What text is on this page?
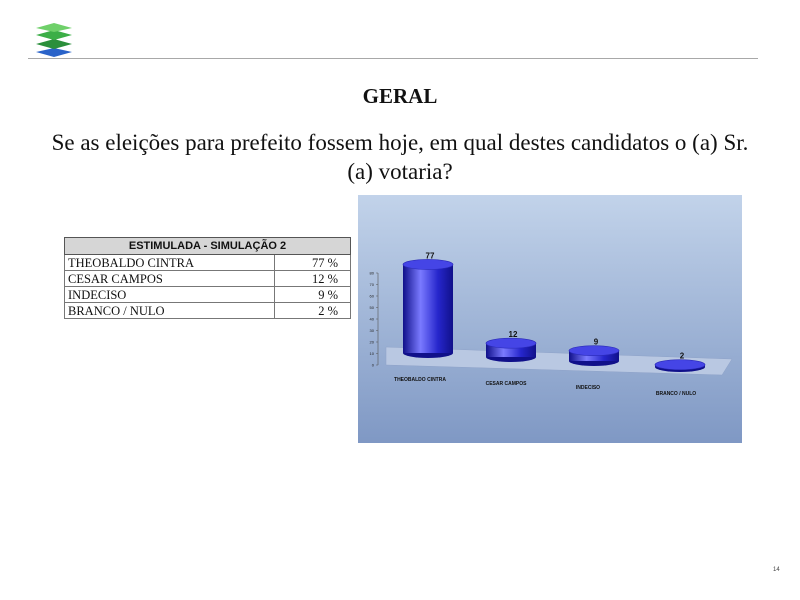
GERAL
Se as eleições para prefeito fossem hoje, em qual destes candidatos o (a) Sr. (a) votaria?
ESTIMULADA - SIMULAÇÃO 2	
THEOBALDO CINTRA	77 %
CESAR CAMPOS	12 %
INDECISO	9 %
BRANCO / NULO	2 %
0
10
20
30
40
50
60
70
80
77
12
9
2
THEOBALDO CINTRA
CESAR CAMPOS
INDECISO
BRANCO / NULO
14
